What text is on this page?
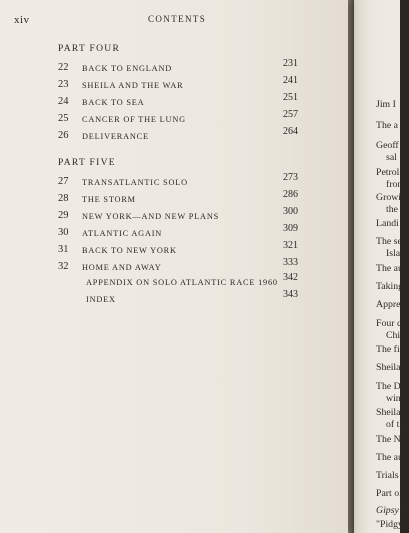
Jim I
The a
Geoff
sal
Petrol
fron
Growi
the
Landi
The se
Islar
The au
Taking
Appreh
Four c
Chic
The fir
Sheila
The D
winn
Sheila,
of the
The Na
The aut
Trials a
Part of
Gipsy M
"Pidgy"
xiv	CONTENTS
PART FOUR
22 BACK TO ENGLAND	231
23 SHEILA AND THE WAR	241
24 BACK TO SEA	251
25 CANCER OF THE LUNG	257
26 DELIVERANCE	264
PART FIVE
27 TRANSATLANTIC SOLO	273
28 THE STORM	286
29 NEW YORK—AND NEW PLANS	300
30 ATLANTIC AGAIN	309
31 BACK TO NEW YORK	321
32 HOME AND AWAY	333
APPENDIX ON SOLO ATLANTIC RACE 1960 342
INDEX	343
